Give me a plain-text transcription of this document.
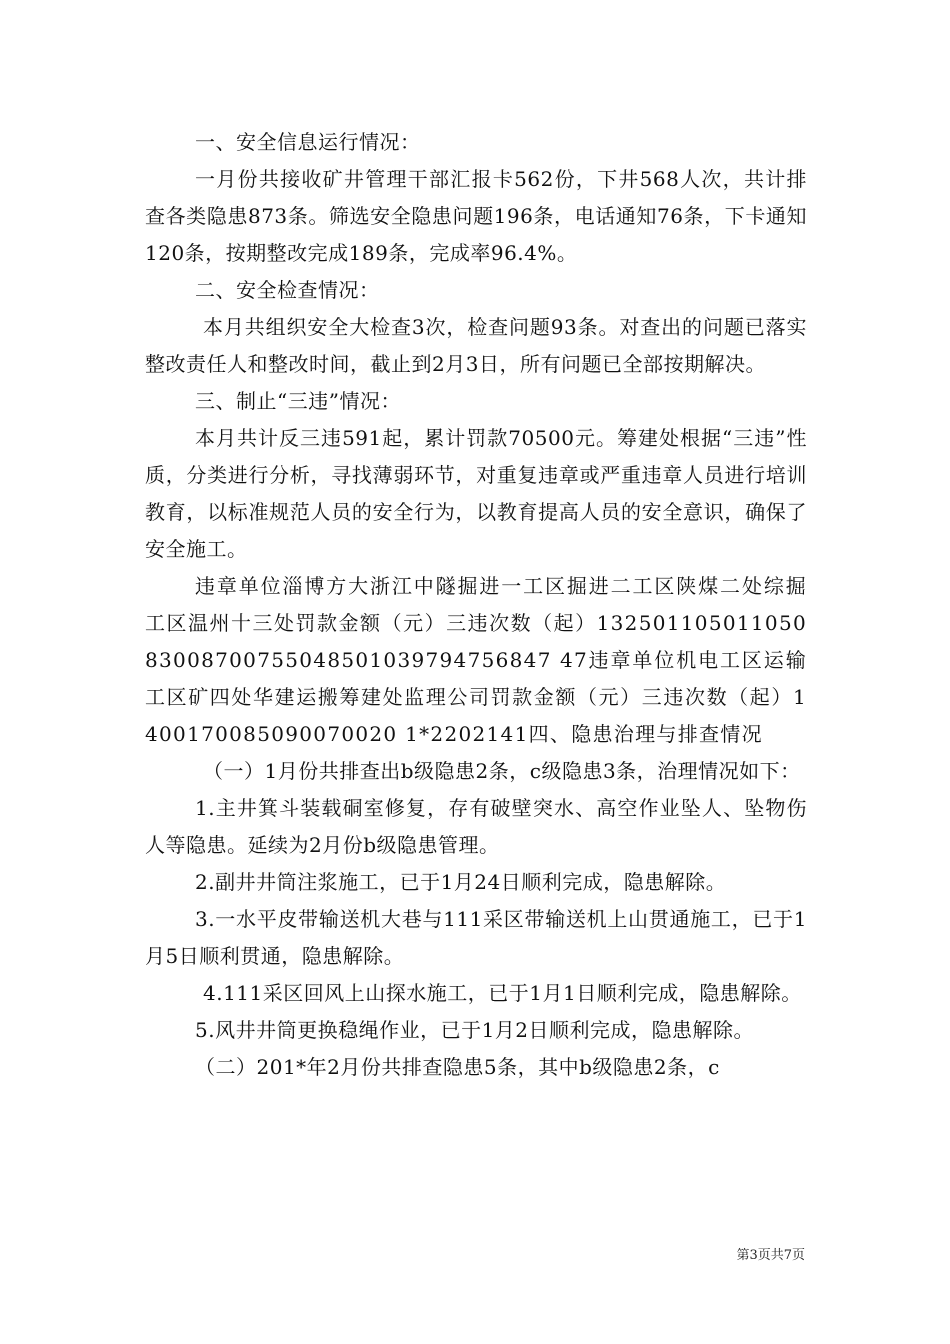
一、安全信息运行情况：

一月份共接收矿井管理干部汇报卡562份，下井568人次，共计排查各类隐患873条。筛选安全隐患问题196条，电话通知76条，下卡通知120条，按期整改完成189条，完成率96.4%。

二、安全检查情况：

本月共组织安全大检查3次，检查问题93条。对查出的问题已落实整改责任人和整改时间，截止到2月3日，所有问题已全部按期解决。

三、制止“三违”情况：

本月共计反三违591起，累计罚款70500元。筹建处根据“三违”性质，分类进行分析，寻找薄弱环节，对重复违章或严重违章人员进行培训教育，以标准规范人员的安全行为，以教育提高人员的安全意识，确保了安全施工。

违章单位淄博方大浙江中隧掘进一工区掘进二工区陕煤二处综掘工区温州十三处罚款金额（元）三违次数（起）13250110501105083008700755048501039794756847 47违章单位机电工区运输工区矿四处华建运搬筹建处监理公司罚款金额（元）三违次数（起）1400170085090070020 1*2202141四、隐患治理与排查情况

（一）1月份共排查出b级隐患2条，c级隐患3条，治理情况如下：

1.主井箕斗装载硐室修复，存有破壁突水、高空作业坠人、坠物伤人等隐患。延续为2月份b级隐患管理。

2.副井井筒注浆施工，已于1月24日顺利完成，隐患解除。

3.一水平皮带输送机大巷与111采区带输送机上山贯通施工，已于1月5日顺利贯通，隐患解除。

4.111采区回风上山探水施工，已于1月1日顺利完成，隐患解除。

5.风井井筒更换稳绳作业，已于1月2日顺利完成，隐患解除。

（二）201*年2月份共排查隐患5条，其中b级隐患2条，c

第3页共7页
